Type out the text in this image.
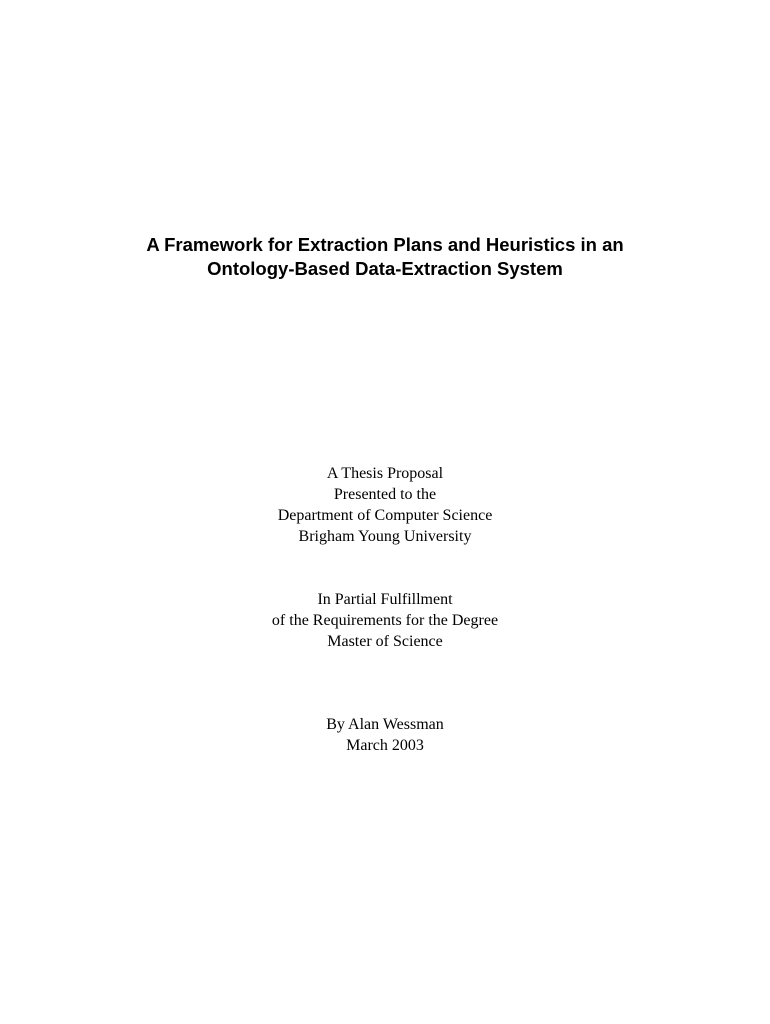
A Framework for Extraction Plans and Heuristics in an
Ontology-Based Data-Extraction System
A Thesis Proposal
Presented to the
Department of Computer Science
Brigham Young University
In Partial Fulfillment
of the Requirements for the Degree
Master of Science
By Alan Wessman
March 2003
